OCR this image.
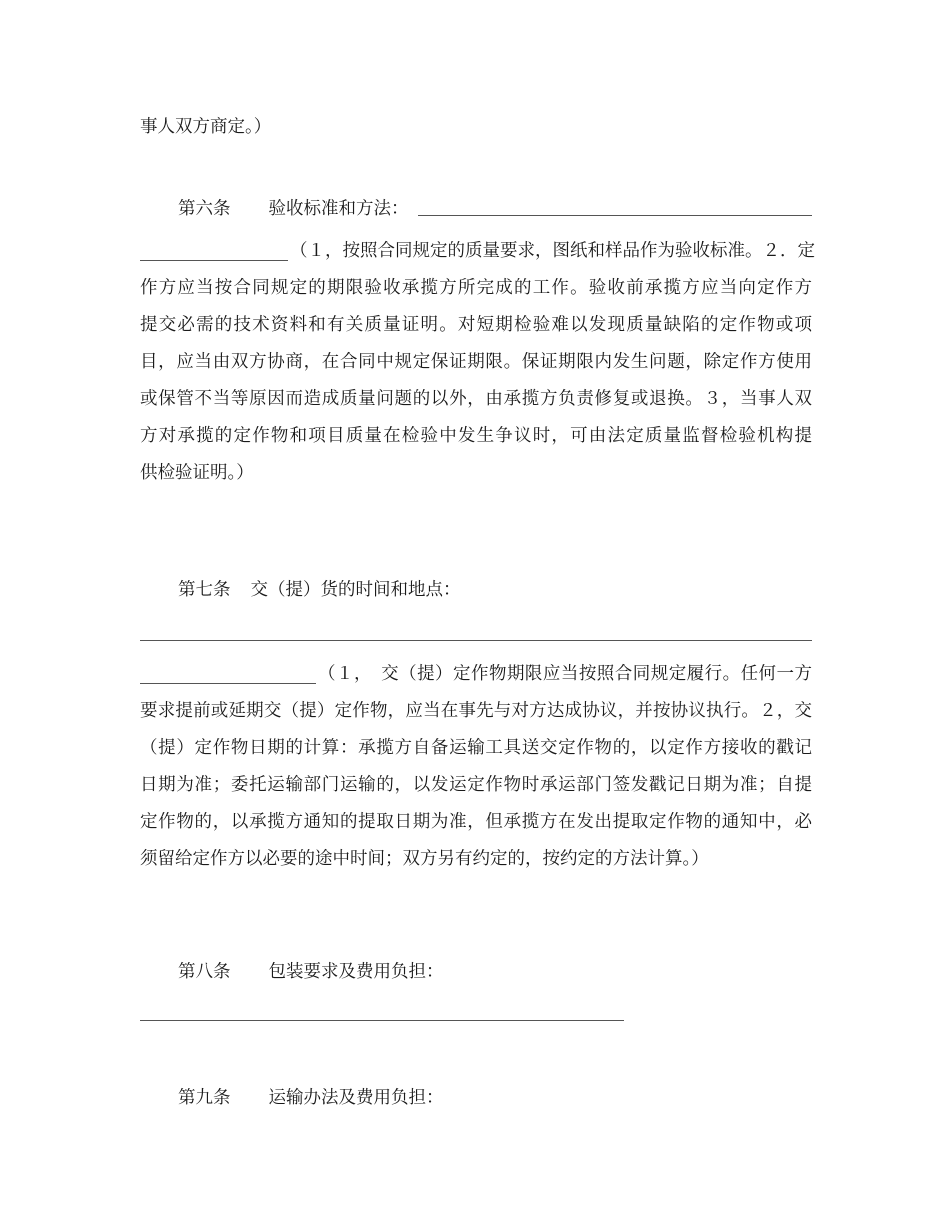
事人双方商定。）
第六条 验收标准和方法：
（１，按照合同规定的质量要求，图纸和样品作为验收标准。２．定
作方应当按合同规定的期限验收承揽方所完成的工作。验收前承揽方应当向定作方
提交必需的技术资料和有关质量证明。对短期检验难以发现质量缺陷的定作物或项
目，应当由双方协商，在合同中规定保证期限。保证期限内发生问题，除定作方使用
或保管不当等原因而造成质量问题的以外，由承揽方负责修复或退换。３，当事人双
方对承揽的定作物和项目质量在检验中发生争议时，可由法定质量监督检验机构提
供检验证明。）
第七条 交（提）货的时间和地点：
（１，　交（提）定作物期限应当按照合同规定履行。任何一方
要求提前或延期交（提）定作物，应当在事先与对方达成协议，并按协议执行。２，交
（提）定作物日期的计算：承揽方自备运输工具送交定作物的，以定作方接收的戳记
日期为准；委托运输部门运输的，以发运定作物时承运部门签发戳记日期为准；自提
定作物的，以承揽方通知的提取日期为准，但承揽方在发出提取定作物的通知中，必
须留给定作方以必要的途中时间；双方另有约定的，按约定的方法计算。）
第八条 包装要求及费用负担：
第九条 运输办法及费用负担：
